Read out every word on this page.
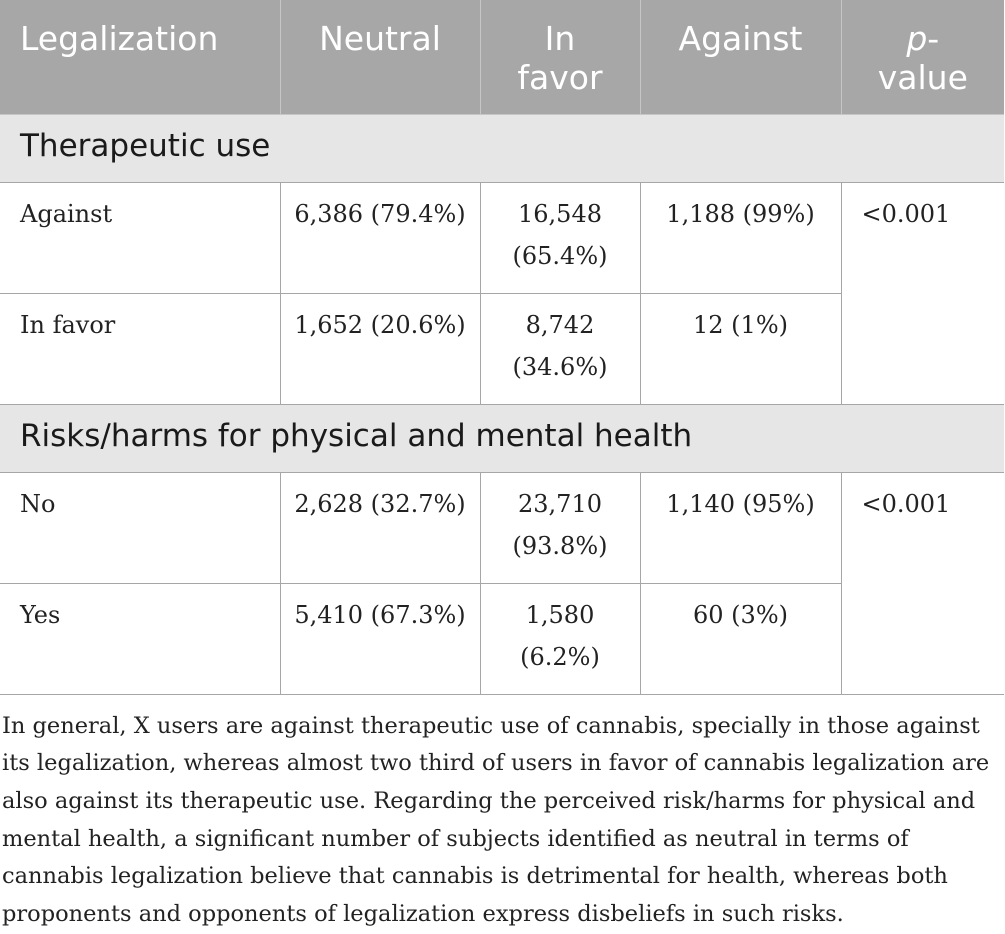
Legalization	Neutral	In favor	Against	p-value
Therapeutic use				
Against	6,386 (79.4%)	16,548 (65.4%)	1,188 (99%)	<0.001
In favor	1,652 (20.6%)	8,742 (34.6%)	12 (1%)	
Risks/harms for physical and mental health				
No	2,628 (32.7%)	23,710 (93.8%)	1,140 (95%)	<0.001
Yes	5,410 (67.3%)	1,580 (6.2%)	60 (3%)	

In general, X users are against therapeutic use of cannabis, specially in those against its legalization, whereas almost two third of users in favor of cannabis legalization are also against its therapeutic use. Regarding the perceived risk/harms for physical and mental health, a significant number of subjects identified as neutral in terms of cannabis legalization believe that cannabis is detrimental for health, whereas both proponents and opponents of legalization express disbeliefs in such risks.
